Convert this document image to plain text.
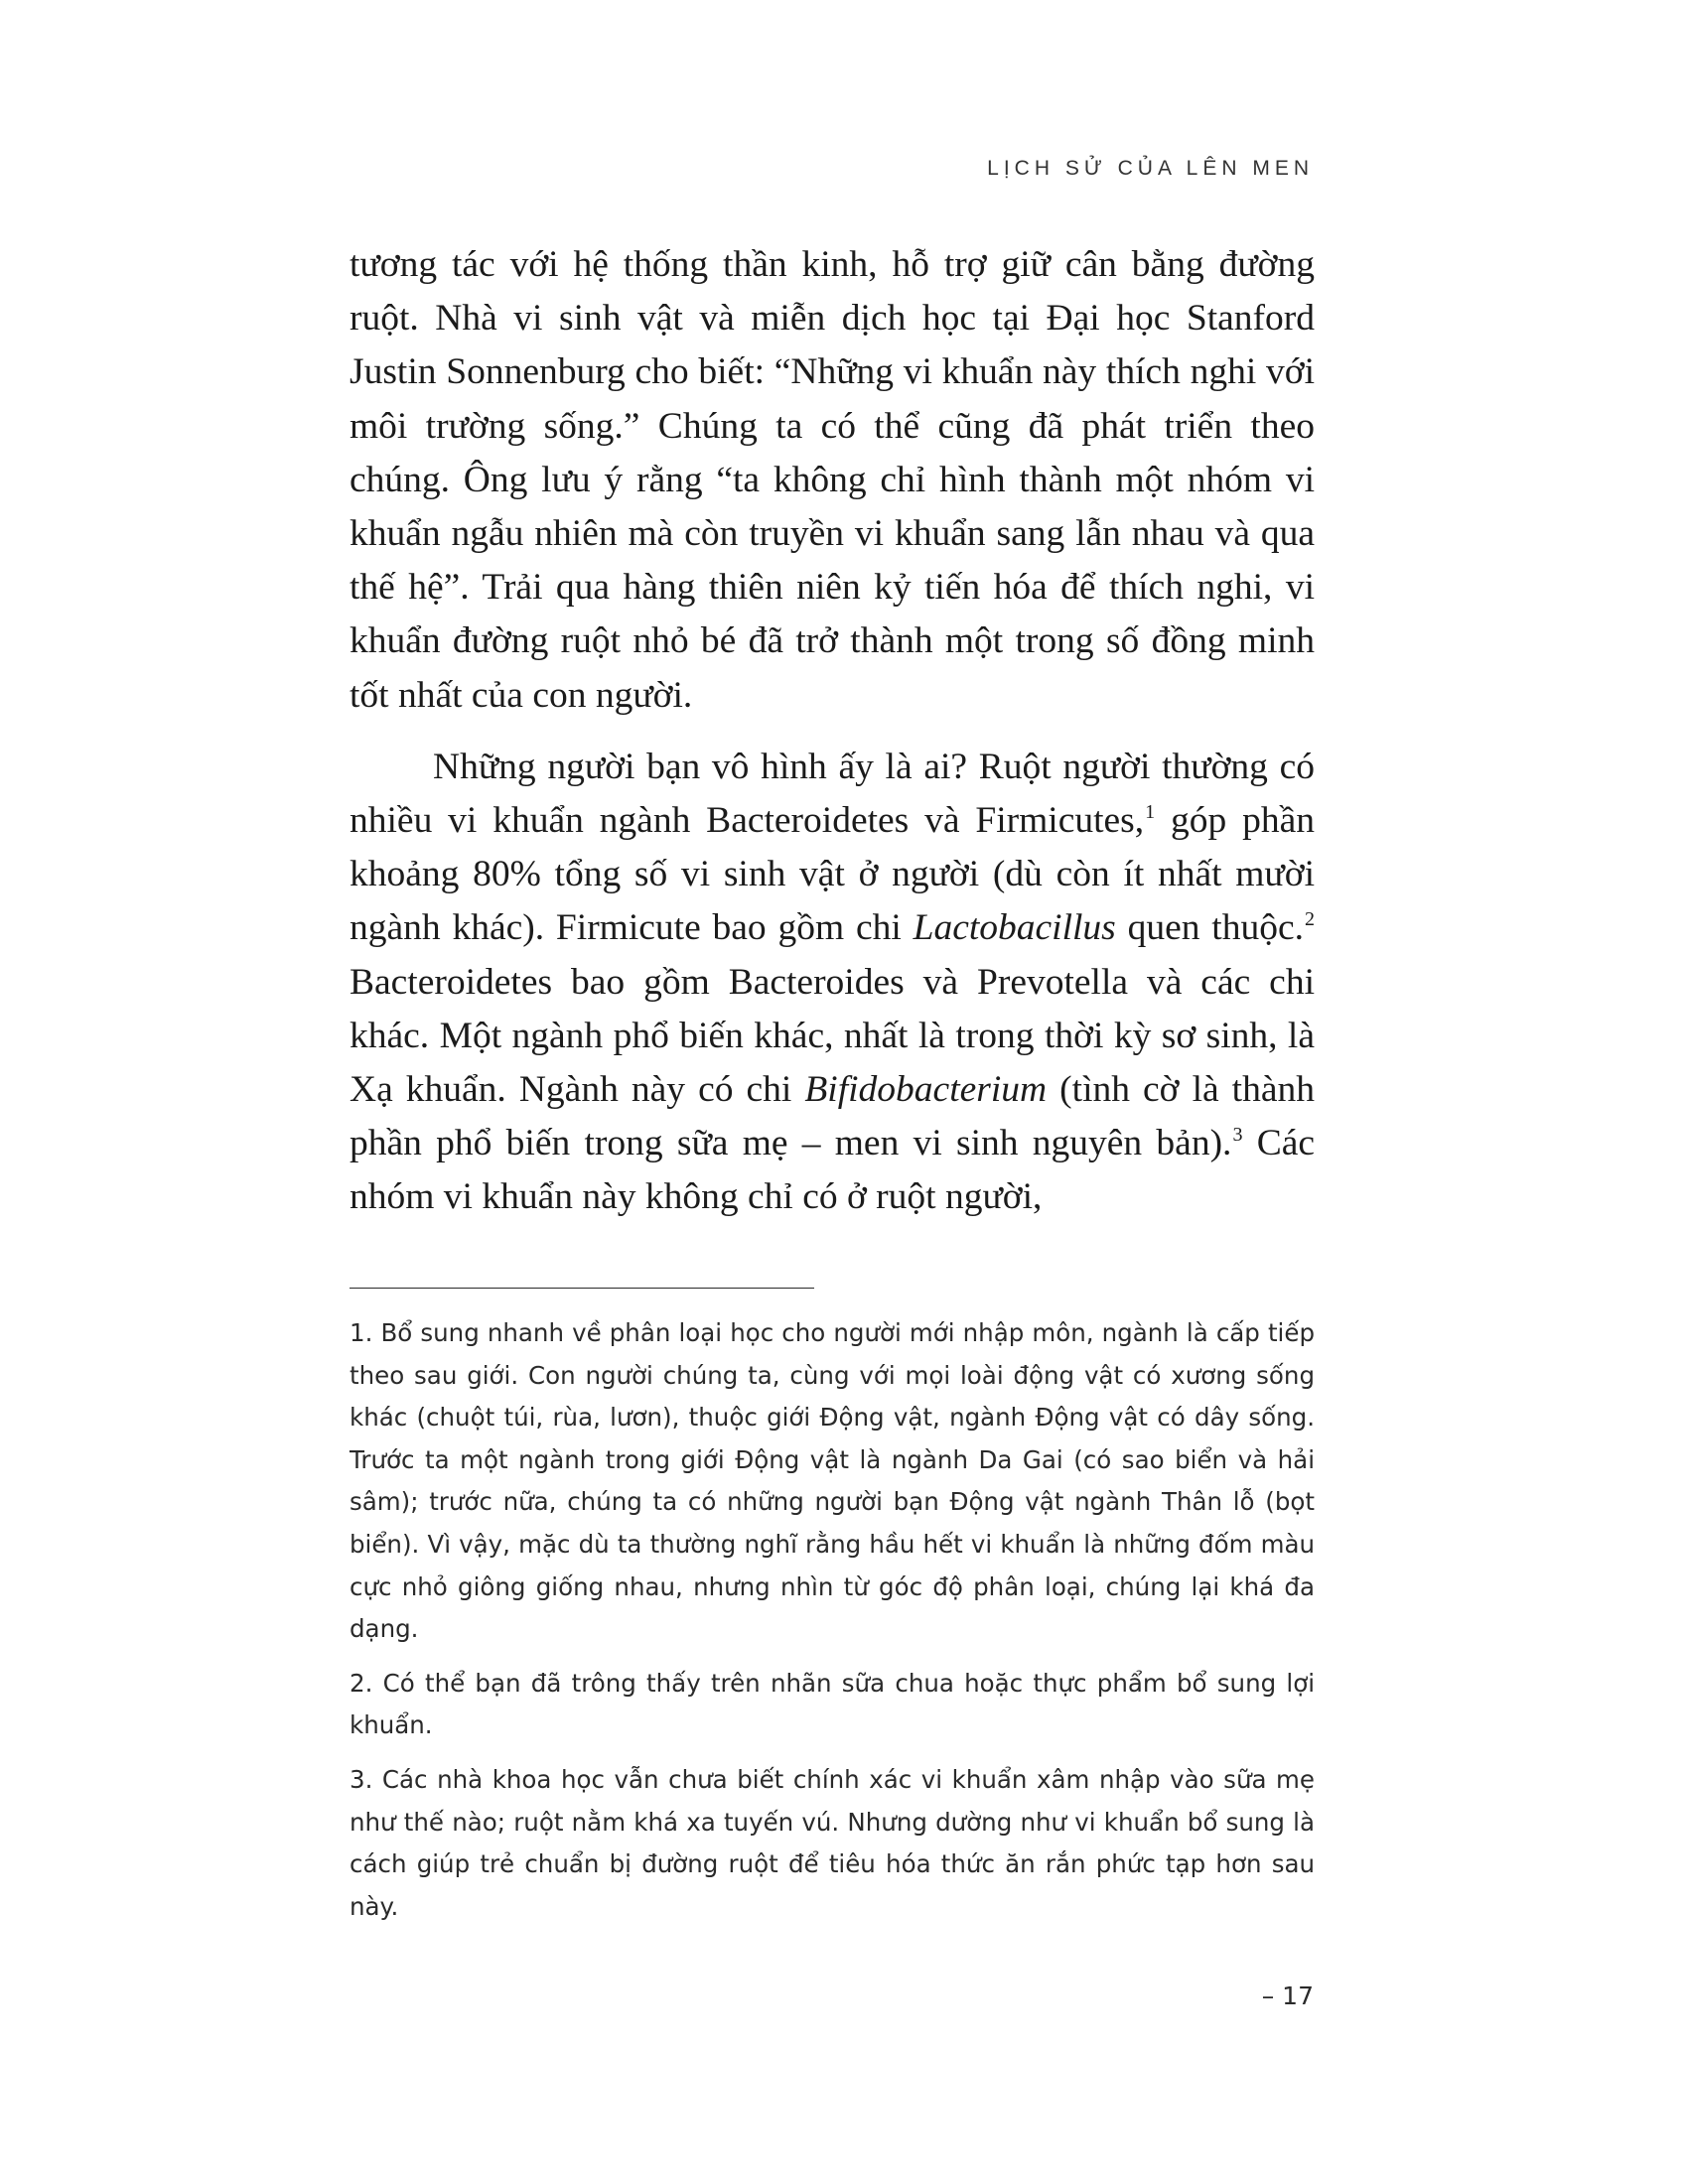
LỊCH SỬ CỦA LÊN MEN

tương tác với hệ thống thần kinh, hỗ trợ giữ cân bằng đường ruột. Nhà vi sinh vật và miễn dịch học tại Đại học Stanford Justin Sonnenburg cho biết: “Những vi khuẩn này thích nghi với môi trường sống.” Chúng ta có thể cũng đã phát triển theo chúng. Ông lưu ý rằng “ta không chỉ hình thành một nhóm vi khuẩn ngẫu nhiên mà còn truyền vi khuẩn sang lẫn nhau và qua thế hệ”. Trải qua hàng thiên niên kỷ tiến hóa để thích nghi, vi khuẩn đường ruột nhỏ bé đã trở thành một trong số đồng minh tốt nhất của con người.

Những người bạn vô hình ấy là ai? Ruột người thường có nhiều vi khuẩn ngành Bacteroidetes và Firmicutes,$^1$ góp phần khoảng 80% tổng số vi sinh vật ở người (dù còn ít nhất mười ngành khác). Firmicute bao gồm chi Lactobacillus quen thuộc.$^2$ Bacteroidetes bao gồm Bacteroides và Prevotella và các chi khác. Một ngành phổ biến khác, nhất là trong thời kỳ sơ sinh, là Xạ khuẩn. Ngành này có chi Bifidobacterium (tình cờ là thành phần phổ biến trong sữa mẹ – men vi sinh nguyên bản).$^3$ Các nhóm vi khuẩn này không chỉ có ở ruột người,

1. Bổ sung nhanh về phân loại học cho người mới nhập môn, ngành là cấp tiếp theo sau giới. Con người chúng ta, cùng với mọi loài động vật có xương sống khác (chuột túi, rùa, lươn), thuộc giới Động vật, ngành Động vật có dây sống. Trước ta một ngành trong giới Động vật là ngành Da Gai (có sao biển và hải sâm); trước nữa, chúng ta có những người bạn Động vật ngành Thân lỗ (bọt biển). Vì vậy, mặc dù ta thường nghĩ rằng hầu hết vi khuẩn là những đốm màu cực nhỏ giông giống nhau, nhưng nhìn từ góc độ phân loại, chúng lại khá đa dạng.

2. Có thể bạn đã trông thấy trên nhãn sữa chua hoặc thực phẩm bổ sung lợi khuẩn.

3. Các nhà khoa học vẫn chưa biết chính xác vi khuẩn xâm nhập vào sữa mẹ như thế nào; ruột nằm khá xa tuyến vú. Nhưng dường như vi khuẩn bổ sung là cách giúp trẻ chuẩn bị đường ruột để tiêu hóa thức ăn rắn phức tạp hơn sau này.

– 17
